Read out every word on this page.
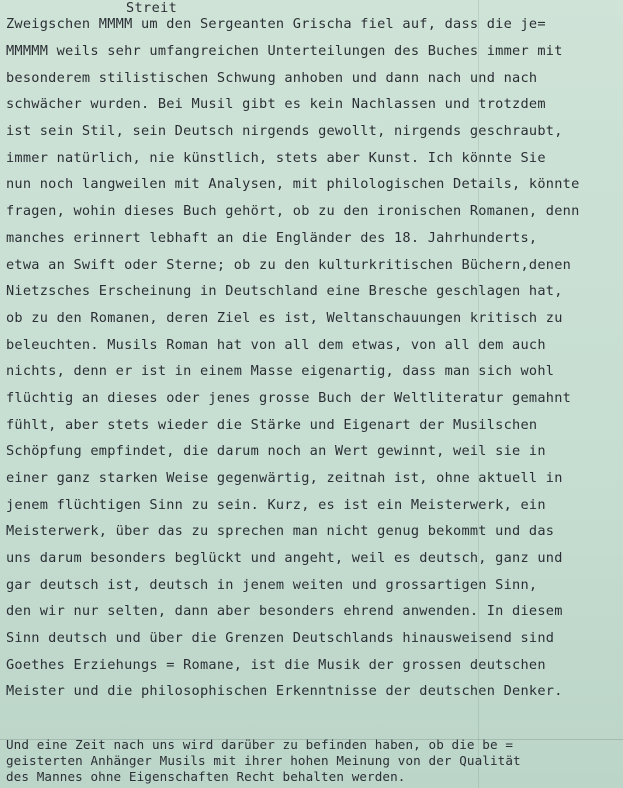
Streit
Zweigschen MMMM um den Sergeanten Grischa fiel auf, dass die je=
MMMMM weils sehr umfangreichen Unterteilungen des Buches immer mit
besonderem stilistischen Schwung anhoben und dann nach und nach
schwächer wurden. Bei Musil gibt es kein Nachlassen und trotzdem
ist sein Stil, sein Deutsch nirgends gewollt, nirgends geschraubt,
immer natürlich, nie künstlich, stets aber Kunst. Ich könnte Sie
nun noch langweilen mit Analysen, mit philologischen Details, könnte
fragen, wohin dieses Buch gehört, ob zu den ironischen Romanen, denn
manches erinnert lebhaft an die Engländer des 18. Jahrhunderts,
etwa an Swift oder Sterne; ob zu den kulturkritischen Büchern,denen
Nietzsches Erscheinung in Deutschland eine Bresche geschlagen hat,
ob zu den Romanen, deren Ziel es ist, Weltanschauungen kritisch zu
beleuchten. Musils Roman hat von all dem etwas, von all dem auch
nichts, denn er ist in einem Masse eigenartig, dass man sich wohl
flüchtig an dieses oder jenes grosse Buch der Weltliteratur gemahnt
fühlt, aber stets wieder die Stärke und Eigenart der Musilschen
Schöpfung empfindet, die darum noch an Wert gewinnt, weil sie in
einer ganz starken Weise gegenwärtig, zeitnah ist, ohne aktuell in
jenem flüchtigen Sinn zu sein. Kurz, es ist ein Meisterwerk, ein
Meisterwerk, über das zu sprechen man nicht genug bekommt und das
uns darum besonders beglückt und angeht, weil es deutsch, ganz und
gar deutsch ist, deutsch in jenem weiten und grossartigen Sinn,
den wir nur selten, dann aber besonders ehrend anwenden. In diesem
Sinn deutsch und über die Grenzen Deutschlands hinausweisend sind
Goethes Erziehungs = Romane, ist die Musik der grossen deutschen
Meister und die philosophischen Erkenntnisse der deutschen Denker.
Und eine Zeit nach uns wird darüber zu befinden haben, ob die be =
geisterten Anhänger Musils mit ihrer hohen Meinung von der Qualität
des Mannes ohne Eigenschaften Recht behalten werden.
